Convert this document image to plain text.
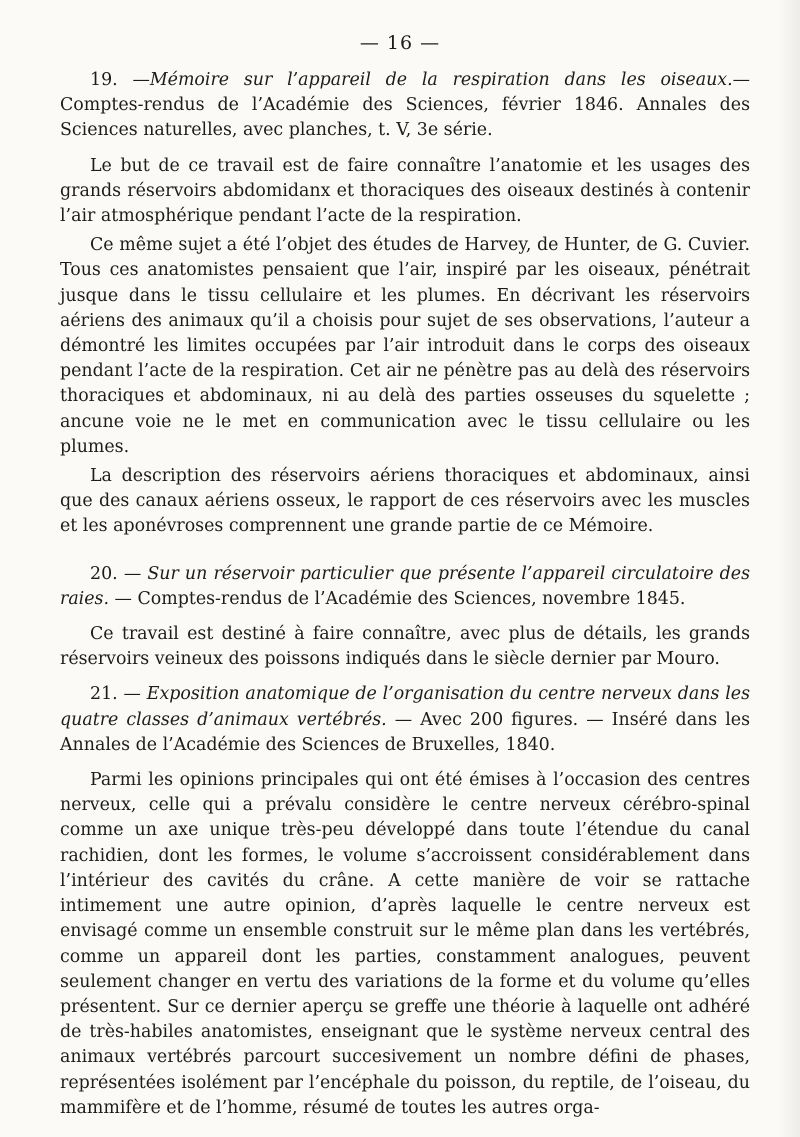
— 16 —

19. —Mémoire sur l’appareil de la respiration dans les oiseaux.— Comptes-rendus de l’Académie des Sciences, février 1846. Annales des Sciences naturelles, avec planches, t. V, 3e série.

Le but de ce travail est de faire connaître l’anatomie et les usages des grands réservoirs abdomidanx et thoraciques des oiseaux destinés à contenir l’air atmosphérique pendant l’acte de la respiration.

Ce même sujet a été l’objet des études de Harvey, de Hunter, de G. Cuvier. Tous ces anatomistes pensaient que l’air, inspiré par les oiseaux, pénétrait jusque dans le tissu cellulaire et les plumes. En décrivant les réservoirs aériens des animaux qu’il a choisis pour sujet de ses observations, l’auteur a démontré les limites occupées par l’air introduit dans le corps des oiseaux pendant l’acte de la respiration. Cet air ne pénètre pas au delà des réservoirs thoraciques et abdominaux, ni au delà des parties osseuses du squelette ; ancune voie ne le met en communication avec le tissu cellulaire ou les plumes.

La description des réservoirs aériens thoraciques et abdominaux, ainsi que des canaux aériens osseux, le rapport de ces réservoirs avec les muscles et les aponévroses comprennent une grande partie de ce Mémoire.

20. — Sur un réservoir particulier que présente l’appareil circulatoire des raies. — Comptes-rendus de l’Académie des Sciences, novembre 1845.

Ce travail est destiné à faire connaître, avec plus de détails, les grands réservoirs veineux des poissons indiqués dans le siècle dernier par Mouro.

21. — Exposition anatomique de l’organisation du centre nerveux dans les quatre classes d’animaux vertébrés. — Avec 200 figures. — Inséré dans les Annales de l’Académie des Sciences de Bruxelles, 1840.

Parmi les opinions principales qui ont été émises à l’occasion des centres nerveux, celle qui a prévalu considère le centre nerveux cérébro-spinal comme un axe unique très-peu développé dans toute l’étendue du canal rachidien, dont les formes, le volume s’accroissent considérablement dans l’intérieur des cavités du crâne. A cette manière de voir se rattache intimement une autre opinion, d’après laquelle le centre nerveux est envisagé comme un ensemble construit sur le même plan dans les vertébrés, comme un appareil dont les parties, constamment analogues, peuvent seulement changer en vertu des variations de la forme et du volume qu’elles présentent. Sur ce dernier aperçu se greffe une théorie à laquelle ont adhéré de très-habiles anatomistes, enseignant que le système nerveux central des animaux vertébrés parcourt succesivement un nombre défini de phases, représentées isolément par l’encéphale du poisson, du reptile, de l’oiseau, du mammifère et de l’homme, résumé de toutes les autres orga-
